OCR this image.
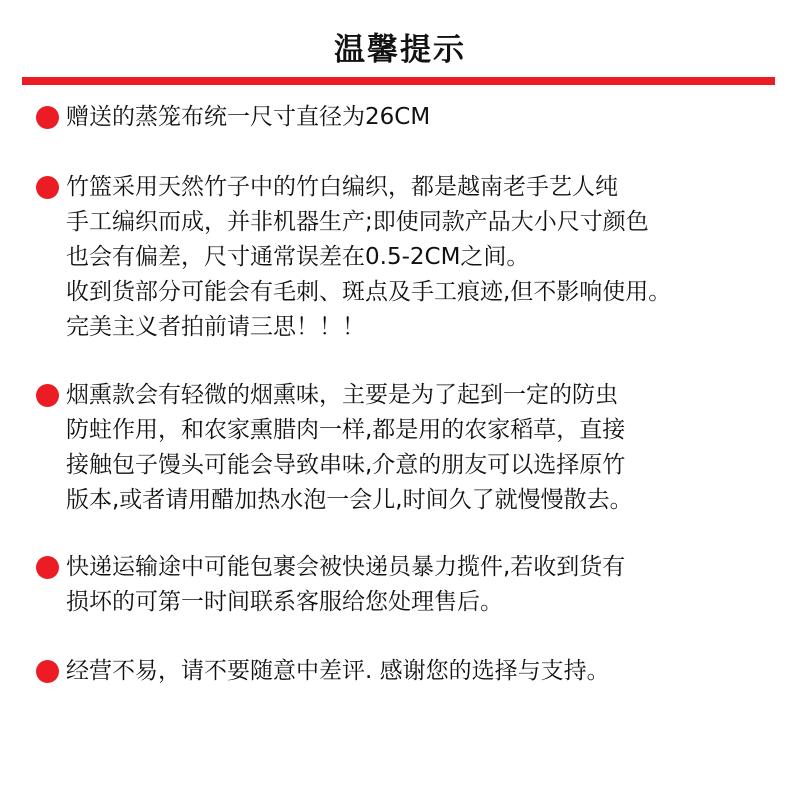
温馨提示
赠送的蒸笼布统一尺寸直径为26CM
竹篮采用天然竹子中的竹白编织，都是越南老手艺人纯
手工编织而成，并非机器生产;即使同款产品大小尺寸颜色
也会有偏差，尺寸通常误差在0.5-2CM之间。
收到货部分可能会有毛刺、斑点及手工痕迹,但不影响使用。
完美主义者拍前请三思！！！
烟熏款会有轻微的烟熏味，主要是为了起到一定的防虫
防蛀作用，和农家熏腊肉一样,都是用的农家稻草，直接
接触包子馒头可能会导致串味,介意的朋友可以选择原竹
版本,或者请用醋加热水泡一会儿,时间久了就慢慢散去。
快递运输途中可能包裹会被快递员暴力揽件,若收到货有
损坏的可第一时间联系客服给您处理售后。
经营不易，请不要随意中差评. 感谢您的选择与支持。
